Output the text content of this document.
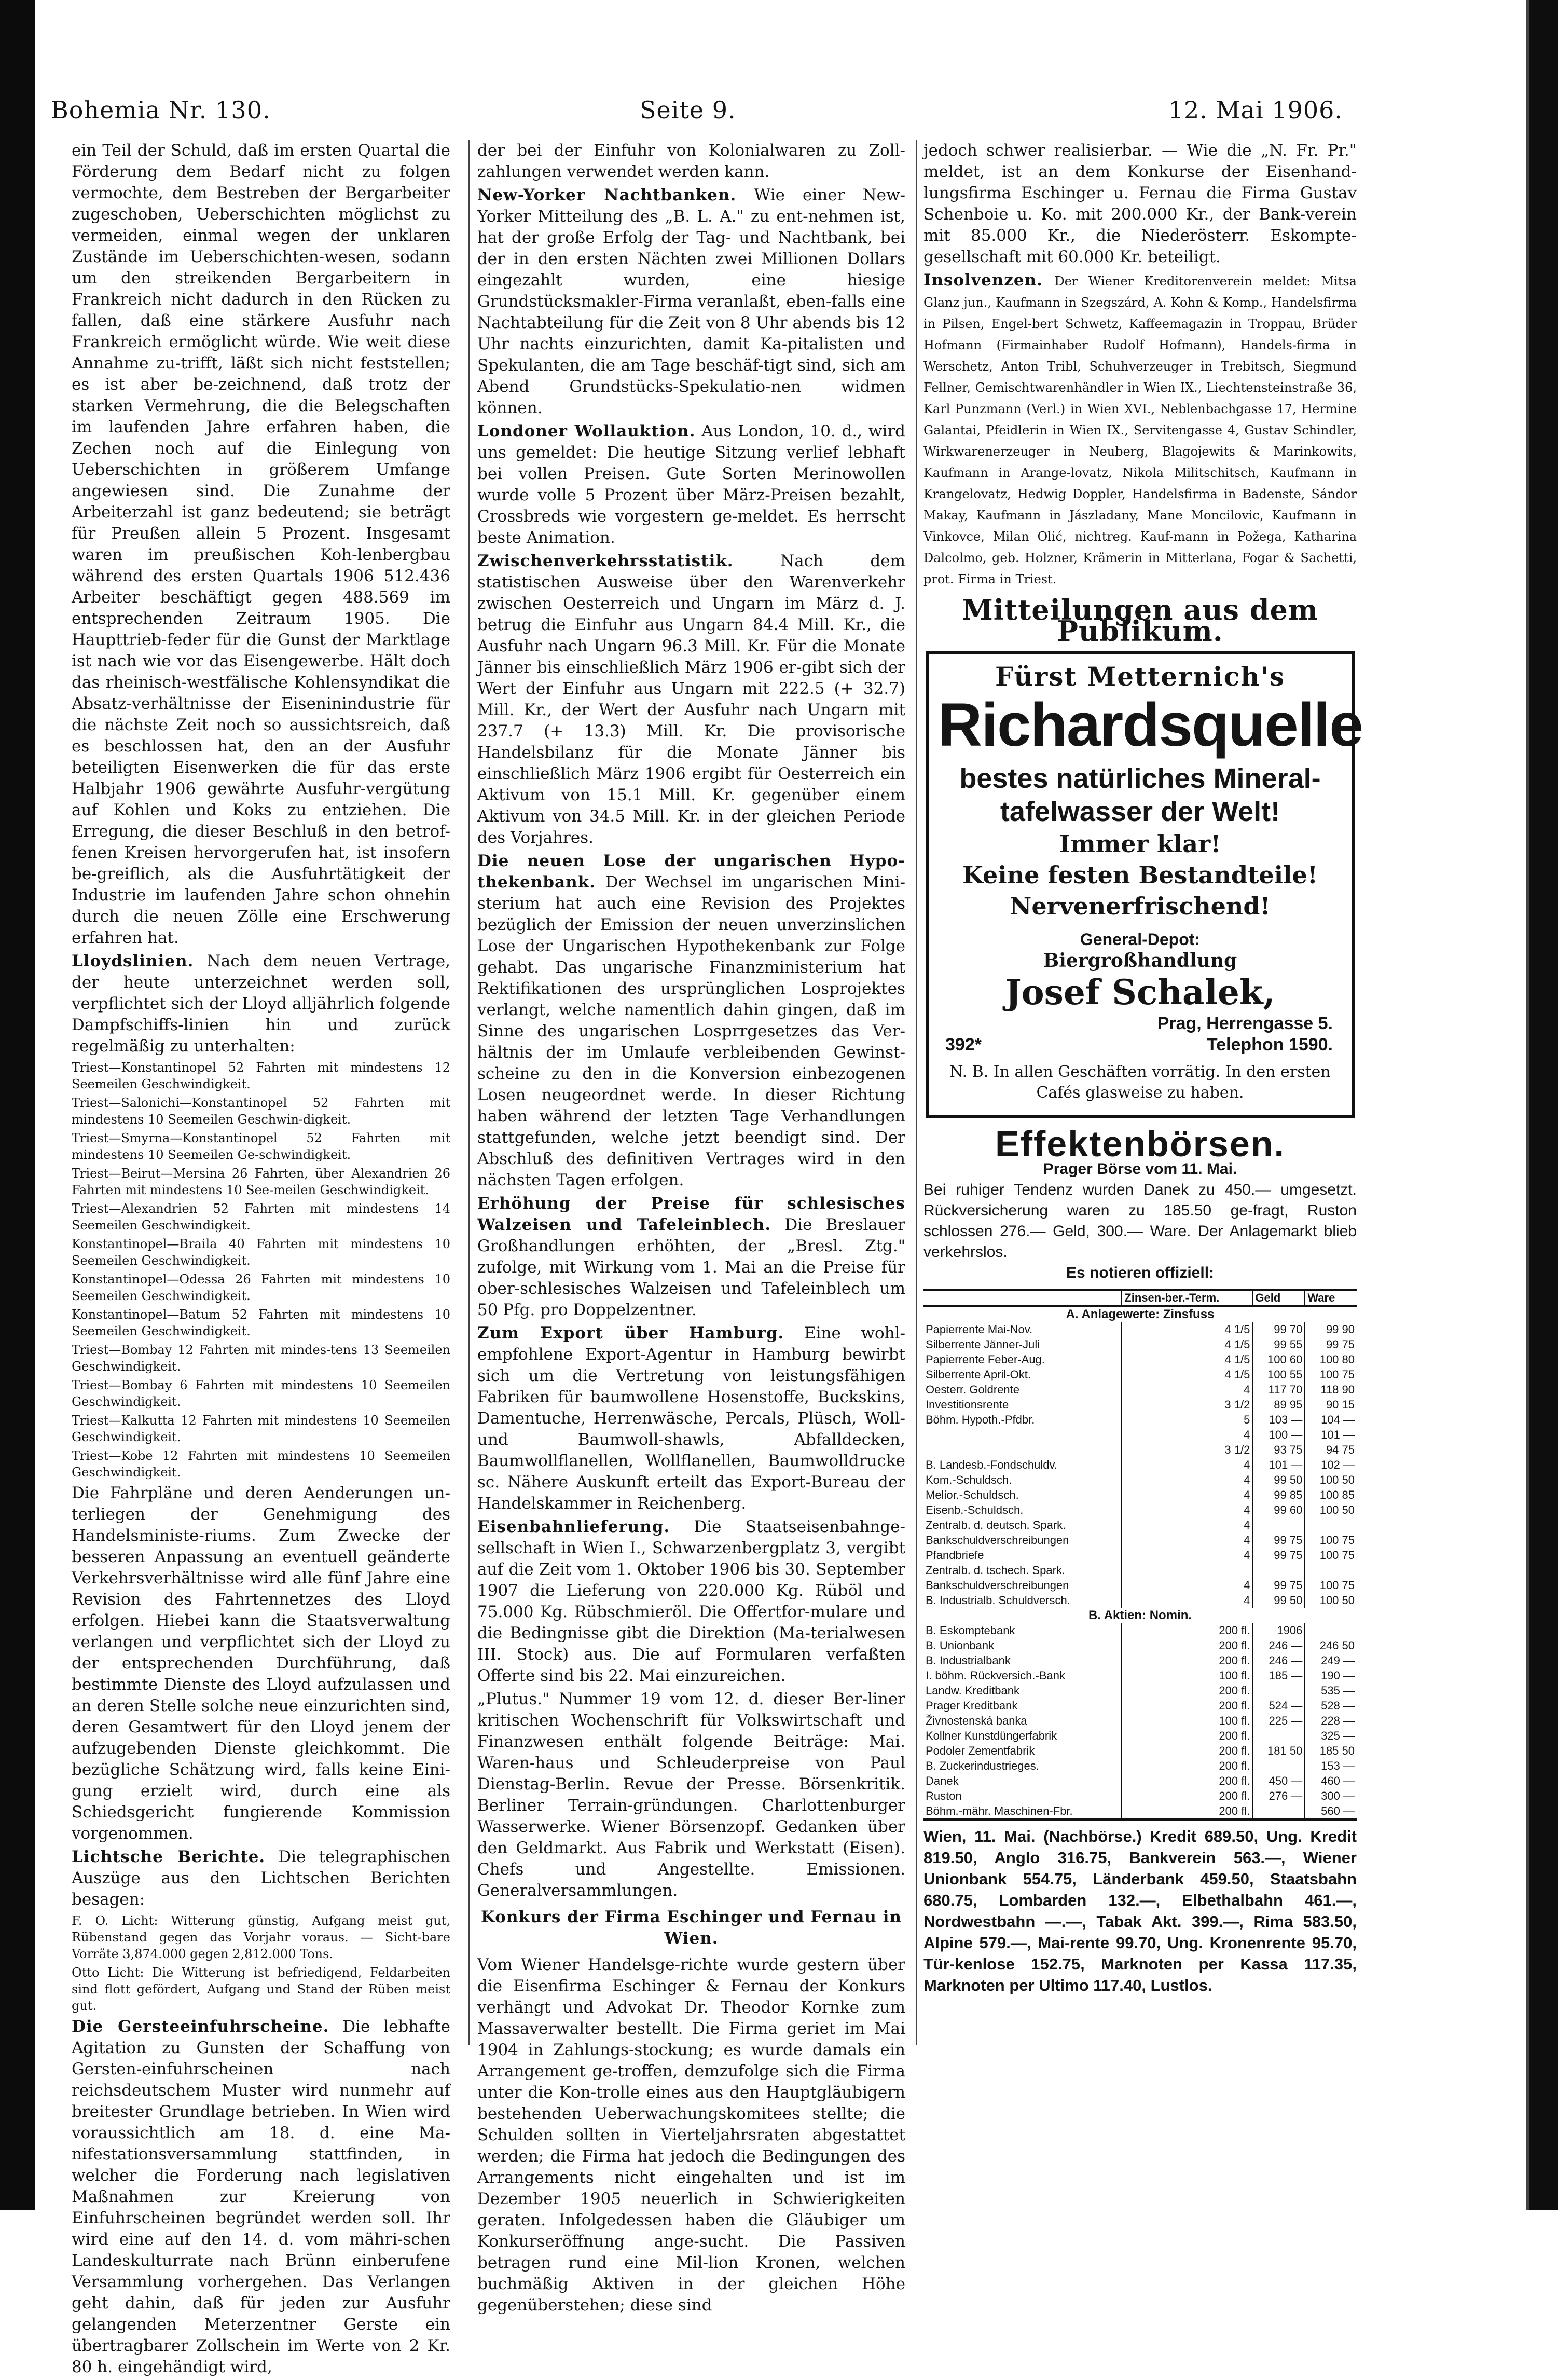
Bohemia Nr. 130.	Seite 9.	12. Mai 1906.

ein Teil der Schuld, daß im ersten Quartal die Förderung dem Bedarf nicht zu folgen vermochte, dem Bestreben der Bergarbeiter zugeschoben, Ueberschichten möglichst zu vermeiden, einmal wegen der unklaren Zustände im Ueberschichten-wesen, sodann um den streikenden Bergarbeitern in Frankreich nicht dadurch in den Rücken zu fallen, daß eine stärkere Ausfuhr nach Frankreich ermöglicht würde. Wie weit diese Annahme zu-trifft, läßt sich nicht feststellen; es ist aber be-zeichnend, daß trotz der starken Vermehrung, die die Belegschaften im laufenden Jahre erfahren haben, die Zechen noch auf die Einlegung von Ueberschichten in größerem Umfange angewiesen sind. Die Zunahme der Arbeiterzahl ist ganz bedeutend; sie beträgt für Preußen allein 5 Prozent. Insgesamt waren im preußischen Koh-lenbergbau während des ersten Quartals 1906 512.436 Arbeiter beschäftigt gegen 488.569 im entsprechenden Zeitraum 1905. Die Haupttrieb-feder für die Gunst der Marktlage ist nach wie vor das Eisengewerbe. Hält doch das rheinisch-westfälische Kohlensyndikat die Absatz-verhältnisse der Eiseninindustrie für die nächste Zeit noch so aussichtsreich, daß es beschlossen hat, den an der Ausfuhr beteiligten Eisenwerken die für das erste Halbjahr 1906 gewährte Ausfuhr-vergütung auf Kohlen und Koks zu entziehen. Die Erregung, die dieser Beschluß in den betrof-fenen Kreisen hervorgerufen hat, ist insofern be-greiflich, als die Ausfuhrtätigkeit der Industrie im laufenden Jahre schon ohnehin durch die neuen Zölle eine Erschwerung erfahren hat.

Lloydslinien. Nach dem neuen Vertrage, der heute unterzeichnet werden soll, verpflichtet sich der Lloyd alljährlich folgende Dampfschiffs-linien hin und zurück regelmäßig zu unterhalten:

Triest—Konstantinopel 52 Fahrten mit mindestens 12 Seemeilen Geschwindigkeit.

Triest—Salonichi—Konstantinopel 52 Fahrten mit mindestens 10 Seemeilen Geschwin-digkeit.

Triest—Smyrna—Konstantinopel 52 Fahrten mit mindestens 10 Seemeilen Ge-schwindigkeit.

Triest—Beirut—Mersina 26 Fahrten, über Alexandrien 26 Fahrten mit mindestens 10 See-meilen Geschwindigkeit.

Triest—Alexandrien 52 Fahrten mit mindestens 14 Seemeilen Geschwindigkeit.

Konstantinopel—Braila 40 Fahrten mit mindestens 10 Seemeilen Geschwindigkeit.

Konstantinopel—Odessa 26 Fahrten mit mindestens 10 Seemeilen Geschwindigkeit.

Konstantinopel—Batum 52 Fahrten mit mindestens 10 Seemeilen Geschwindigkeit.

Triest—Bombay 12 Fahrten mit mindes-tens 13 Seemeilen Geschwindigkeit.

Triest—Bombay 6 Fahrten mit mindestens 10 Seemeilen Geschwindigkeit.

Triest—Kalkutta 12 Fahrten mit mindestens 10 Seemeilen Geschwindigkeit.

Triest—Kobe 12 Fahrten mit mindestens 10 Seemeilen Geschwindigkeit.

Die Fahrpläne und deren Aenderungen un-terliegen der Genehmigung des Handelsministe-riums. Zum Zwecke der besseren Anpassung an eventuell geänderte Verkehrsverhältnisse wird alle fünf Jahre eine Revision des Fahrtennetzes des Lloyd erfolgen. Hiebei kann die Staatsverwaltung verlangen und verpflichtet sich der Lloyd zu der entsprechenden Durchführung, daß bestimmte Dienste des Lloyd aufzulassen und an deren Stelle solche neue einzurichten sind, deren Gesamtwert für den Lloyd jenem der aufzugebenden Dienste gleichkommt. Die bezügliche Schätzung wird, falls keine Eini-gung erzielt wird, durch eine als Schiedsgericht fungierende Kommission vorgenommen.

Lichtsche Berichte. Die telegraphischen Auszüge aus den Lichtschen Berichten besagen:

F. O. Licht: Witterung günstig, Aufgang meist gut, Rübenstand gegen das Vorjahr voraus. — Sicht-bare Vorräte 3,874.000 gegen 2,812.000 Tons.

Otto Licht: Die Witterung ist befriedigend, Feldarbeiten sind flott gefördert, Aufgang und Stand der Rüben meist gut.

Die Gersteeinfuhrscheine. Die lebhafte Agitation zu Gunsten der Schaffung von Gersten-einfuhrscheinen nach reichsdeutschem Muster wird nunmehr auf breitester Grundlage betrieben. In Wien wird voraussichtlich am 18. d. eine Ma-nifestationsversammlung stattfinden, in welcher die Forderung nach legislativen Maßnahmen zur Kreierung von Einfuhrscheinen begründet werden soll. Ihr wird eine auf den 14. d. vom mähri-schen Landeskulturrate nach Brünn einberufene Versammlung vorhergehen. Das Verlangen geht dahin, daß für jeden zur Ausfuhr gelangenden Meterzentner Gerste ein übertragbarer Zollschein im Werte von 2 Kr. 80 h. eingehändigt wird,

der bei der Einfuhr von Kolonialwaren zu Zoll-zahlungen verwendet werden kann.

New-Yorker Nachtbanken. Wie einer New-Yorker Mitteilung des „B. L. A." zu ent-nehmen ist, hat der große Erfolg der Tag- und Nachtbank, bei der in den ersten Nächten zwei Millionen Dollars eingezahlt wurden, eine hiesige Grundstücksmakler-Firma veranlaßt, eben-falls eine Nachtabteilung für die Zeit von 8 Uhr abends bis 12 Uhr nachts einzurichten, damit Ka-pitalisten und Spekulanten, die am Tage beschäf-tigt sind, sich am Abend Grundstücks-Spekulatio-nen widmen können.

Londoner Wollauktion. Aus London, 10. d., wird uns gemeldet: Die heutige Sitzung verlief lebhaft bei vollen Preisen. Gute Sorten Merinowollen wurde volle 5 Prozent über März-Preisen bezahlt, Crossbreds wie vorgestern ge-meldet. Es herrscht beste Animation.

Zwischenverkehrsstatistik.	Nach dem statistischen Ausweise über den Warenverkehr zwischen Oesterreich und Ungarn im März d. J. betrug die Einfuhr aus Ungarn 84.4 Mill. Kr., die Ausfuhr nach Ungarn 96.3 Mill. Kr. Für die Monate Jänner bis einschließlich März 1906 er-gibt sich der Wert der Einfuhr aus Ungarn mit 222.5 (+ 32.7) Mill. Kr., der Wert der Ausfuhr nach Ungarn mit 237.7 (+ 13.3) Mill. Kr. Die provisorische Handelsbilanz für die Monate Jänner bis einschließlich März 1906 ergibt für Oesterreich ein Aktivum von 15.1 Mill. Kr. gegenüber einem Aktivum von 34.5 Mill. Kr. in der gleichen Periode des Vorjahres.

Die neuen Lose der ungarischen Hypo-thekenbank. Der Wechsel im ungarischen Mini-sterium hat auch eine Revision des Projektes bezüglich der Emission der neuen unverzinslichen Lose der Ungarischen Hypothekenbank zur Folge gehabt. Das ungarische Finanzministerium hat Rektifikationen des ursprünglichen Losprojektes verlangt, welche namentlich dahin gingen, daß im Sinne des ungarischen Losprrgesetzes das Ver-hältnis der im Umlaufe verbleibenden Gewinst-scheine zu den in die Konversion einbezogenen Losen neugeordnet werde. In dieser Richtung haben während der letzten Tage Verhandlungen stattgefunden, welche jetzt beendigt sind. Der Abschluß des definitiven Vertrages wird in den nächsten Tagen erfolgen.

Erhöhung der Preise für schlesisches Walzeisen und Tafeleinblech. Die Breslauer Großhandlungen erhöhten, der „Bresl. Ztg." zufolge, mit Wirkung vom 1. Mai an die Preise für ober-schlesisches Walzeisen und Tafeleinblech um 50 Pfg. pro Doppelzentner.

Zum Export über Hamburg. Eine wohl-empfohlene Export-Agentur in Hamburg bewirbt sich um die Vertretung von leistungsfähigen Fabriken für baumwollene Hosenstoffe, Buckskins, Damentuche, Herrenwäsche, Percals, Plüsch, Woll- und Baumwoll-shawls, Abfalldecken, Baumwollflanellen, Wollflanellen, Baumwolldrucke sc. Nähere Auskunft erteilt das Export-Bureau der Handelskammer in Reichenberg.

Eisenbahnlieferung. Die Staatseisenbahnge-sellschaft in Wien I., Schwarzenbergplatz 3, vergibt auf die Zeit vom 1. Oktober 1906 bis 30. September 1907 die Lieferung von 220.000 Kg. Rüböl und 75.000 Kg. Rübschmieröl. Die Offertfor-mulare und die Bedingnisse gibt die Direktion (Ma-terialwesen III. Stock) aus. Die auf Formularen verfaßten Offerte sind bis 22. Mai einzureichen.

„Plutus." Nummer 19 vom 12. d. dieser Ber-liner kritischen Wochenschrift für Volkswirtschaft und Finanzwesen enthält folgende Beiträge: Mai. Waren-haus und Schleuderpreise von Paul Dienstag-Berlin. Revue der Presse. Börsenkritik. Berliner Terrain-gründungen. Charlottenburger Wasserwerke. Wiener Börsenzopf. Gedanken über den Geldmarkt. Aus Fabrik und Werkstatt (Eisen). Chefs und Angestellte. Emissionen. Generalversammlungen.

Konkurs der Firma Eschinger und Fernau in Wien.

Vom Wiener Handelsge-richte wurde gestern über die Eisenfirma Eschinger & Fernau der Konkurs verhängt und Advokat Dr. Theodor Kornke zum Massaverwalter bestellt. Die Firma geriet im Mai 1904 in Zahlungs-stockung; es wurde damals ein Arrangement ge-troffen, demzufolge sich die Firma unter die Kon-trolle eines aus den Hauptgläubigern bestehenden Ueberwachungskomitees stellte; die Schulden sollten in Vierteljahrsraten abgestattet werden; die Firma hat jedoch die Bedingungen des Arrangements nicht eingehalten und ist im Dezember 1905 neuerlich in Schwierigkeiten geraten. Infolgedessen haben die Gläubiger um Konkurseröffnung ange-sucht. Die Passiven betragen rund eine Mil-lion Kronen, welchen buchmäßig Aktiven in der gleichen Höhe gegenüberstehen; diese sind

jedoch schwer realisierbar. — Wie die „N. Fr. Pr." meldet, ist an dem Konkurse der Eisenhand-lungsfirma Eschinger u. Fernau die Firma Gustav Schenboie u. Ko. mit 200.000 Kr., der Bank-verein mit 85.000 Kr., die Niederösterr. Eskompte-gesellschaft mit 60.000 Kr. beteiligt.

Insolvenzen. Der Wiener Kreditorenverein meldet: Mitsa Glanz jun., Kaufmann in Szegszárd, A. Kohn & Komp., Handelsfirma in Pilsen, Engel-bert Schwetz, Kaffeemagazin in Troppau, Brüder Hofmann (Firmainhaber Rudolf Hofmann), Handels-firma in Werschetz, Anton Tribl, Schuhverzeuger in Trebitsch, Siegmund Fellner, Gemischtwarenhändler in Wien IX., Liechtensteinstraße 36, Karl Punzmann (Verl.) in Wien XVI., Neblenbachgasse 17, Hermine Galantai, Pfeidlerin in Wien IX., Servitengasse 4, Gustav Schindler, Wirkwarenerzeuger in Neuberg, Blagojewits & Marinkowits, Kaufmann in Arange-lovatz, Nikola Militschitsch, Kaufmann in Krangelovatz, Hedwig Doppler, Handelsfirma in Badenste, Sándor Makay, Kaufmann in Jászladany, Mane Monciloviс, Kaufmann in Vinkovce, Milan Olić, nichtreg. Kauf-mann in Požega, Katharina Dalcolmo, geb. Holzner, Krämerin in Mitterlana, Fogar & Sachetti, prot. Firma in Triest.

Mitteilungen aus dem Publikum.
Fürst Metternich's
Richardsquelle
bestes natürliches Mineral-
tafelwasser der Welt!
Immer klar!
Keine festen Bestandteile!
Nervenerfrischend!
General-Depot:
Biergroßhandlung
Josef Schalek,
Prag, Herrengasse 5.
392*	Telephon 1590.
N. B. In allen Geschäften vorrätig. In den ersten Cafés glasweise zu haben.
Effektenbörsen.
Prager Börse vom 11. Mai.
Bei ruhiger Tendenz wurden Danek zu 450.— umgesetzt. Rückversicherung waren zu 185.50 ge-fragt, Ruston schlossen 276.— Geld, 300.— Ware. Der Anlagemarkt blieb verkehrslos.
Es notieren offiziell:
	Zinsen-ber.-Term.	Geld	Ware
A. Anlagewerte: Zinsfuss			
Papierrente Mai-Nov.	4 1/5	99 70	99 90
Silberrente Jänner-Juli	4 1/5	99 55	99 75
Papierrente Feber-Aug.	4 1/5	100 60	100 80
Silberrente April-Okt.	4 1/5	100 55	100 75
Oesterr. Goldrente	4	117 70	118 90
Investitionsrente	3 1/2	89 95	90 15
Böhm. Hypoth.-Pfdbr.	5	103 —	104 —
	4	100 —	101 —
	3 1/2	93 75	94 75
B. Landesb.-Fondschuldv.	4	101 —	102 —
Kom.-Schuldsch.	4	99 50	100 50
Melior.-Schuldsch.	4	99 85	100 85
Eisenb.-Schuldsch.	4	99 60	100 50
Zentralb. d. deutsch. Spark.	4		
Bankschuldverschreibungen	4	99 75	100 75
Pfandbriefe	4	99 75	100 75
Zentralb. d. tschech. Spark.			
Bankschuldverschreibungen	4	99 75	100 75
B. Industrialb. Schuldversch.	4	99 50	100 50
B. Aktien: Nomin.			
B. Eskomptebank	200 fl.	1906	
B. Unionbank	200 fl.	246 —	246 50
B. Industrialbank	200 fl.	246 —	249 —
I. böhm. Rückversich.-Bank	100 fl.	185 —	190 —
Landw. Kreditbank	200 fl.		535 —
Prager Kreditbank	200 fl.	524 —	528 —
Živnostenská banka	100 fl.	225 —	228 —
Kollner Kunstdüngerfabrik	200 fl.		325 —
Podoler Zementfabrik	200 fl.	181 50	185 50
B. Zuckerindustrieges.	200 fl.		153 —
Danek	200 fl.	450 —	460 —
Ruston	200 fl.	276 —	300 —
Böhm.-mähr. Maschinen-Fbr.	200 fl.		560 —
Wien, 11. Mai. (Nachbörse.) Kredit 689.50, Ung. Kredit 819.50, Anglo 316.75, Bankverein 563.—, Wiener Unionbank 554.75, Länderbank 459.50, Staatsbahn 680.75, Lombarden 132.—, Elbethalbahn 461.—, Nordwestbahn —.—, Tabak Akt. 399.—, Rima 583.50, Alpine 579.—, Mai-rente 99.70, Ung. Kronenrente 95.70, Tür-kenlose 152.75, Marknoten per Kassa 117.35, Marknoten per Ultimo 117.40, Lustlos.
